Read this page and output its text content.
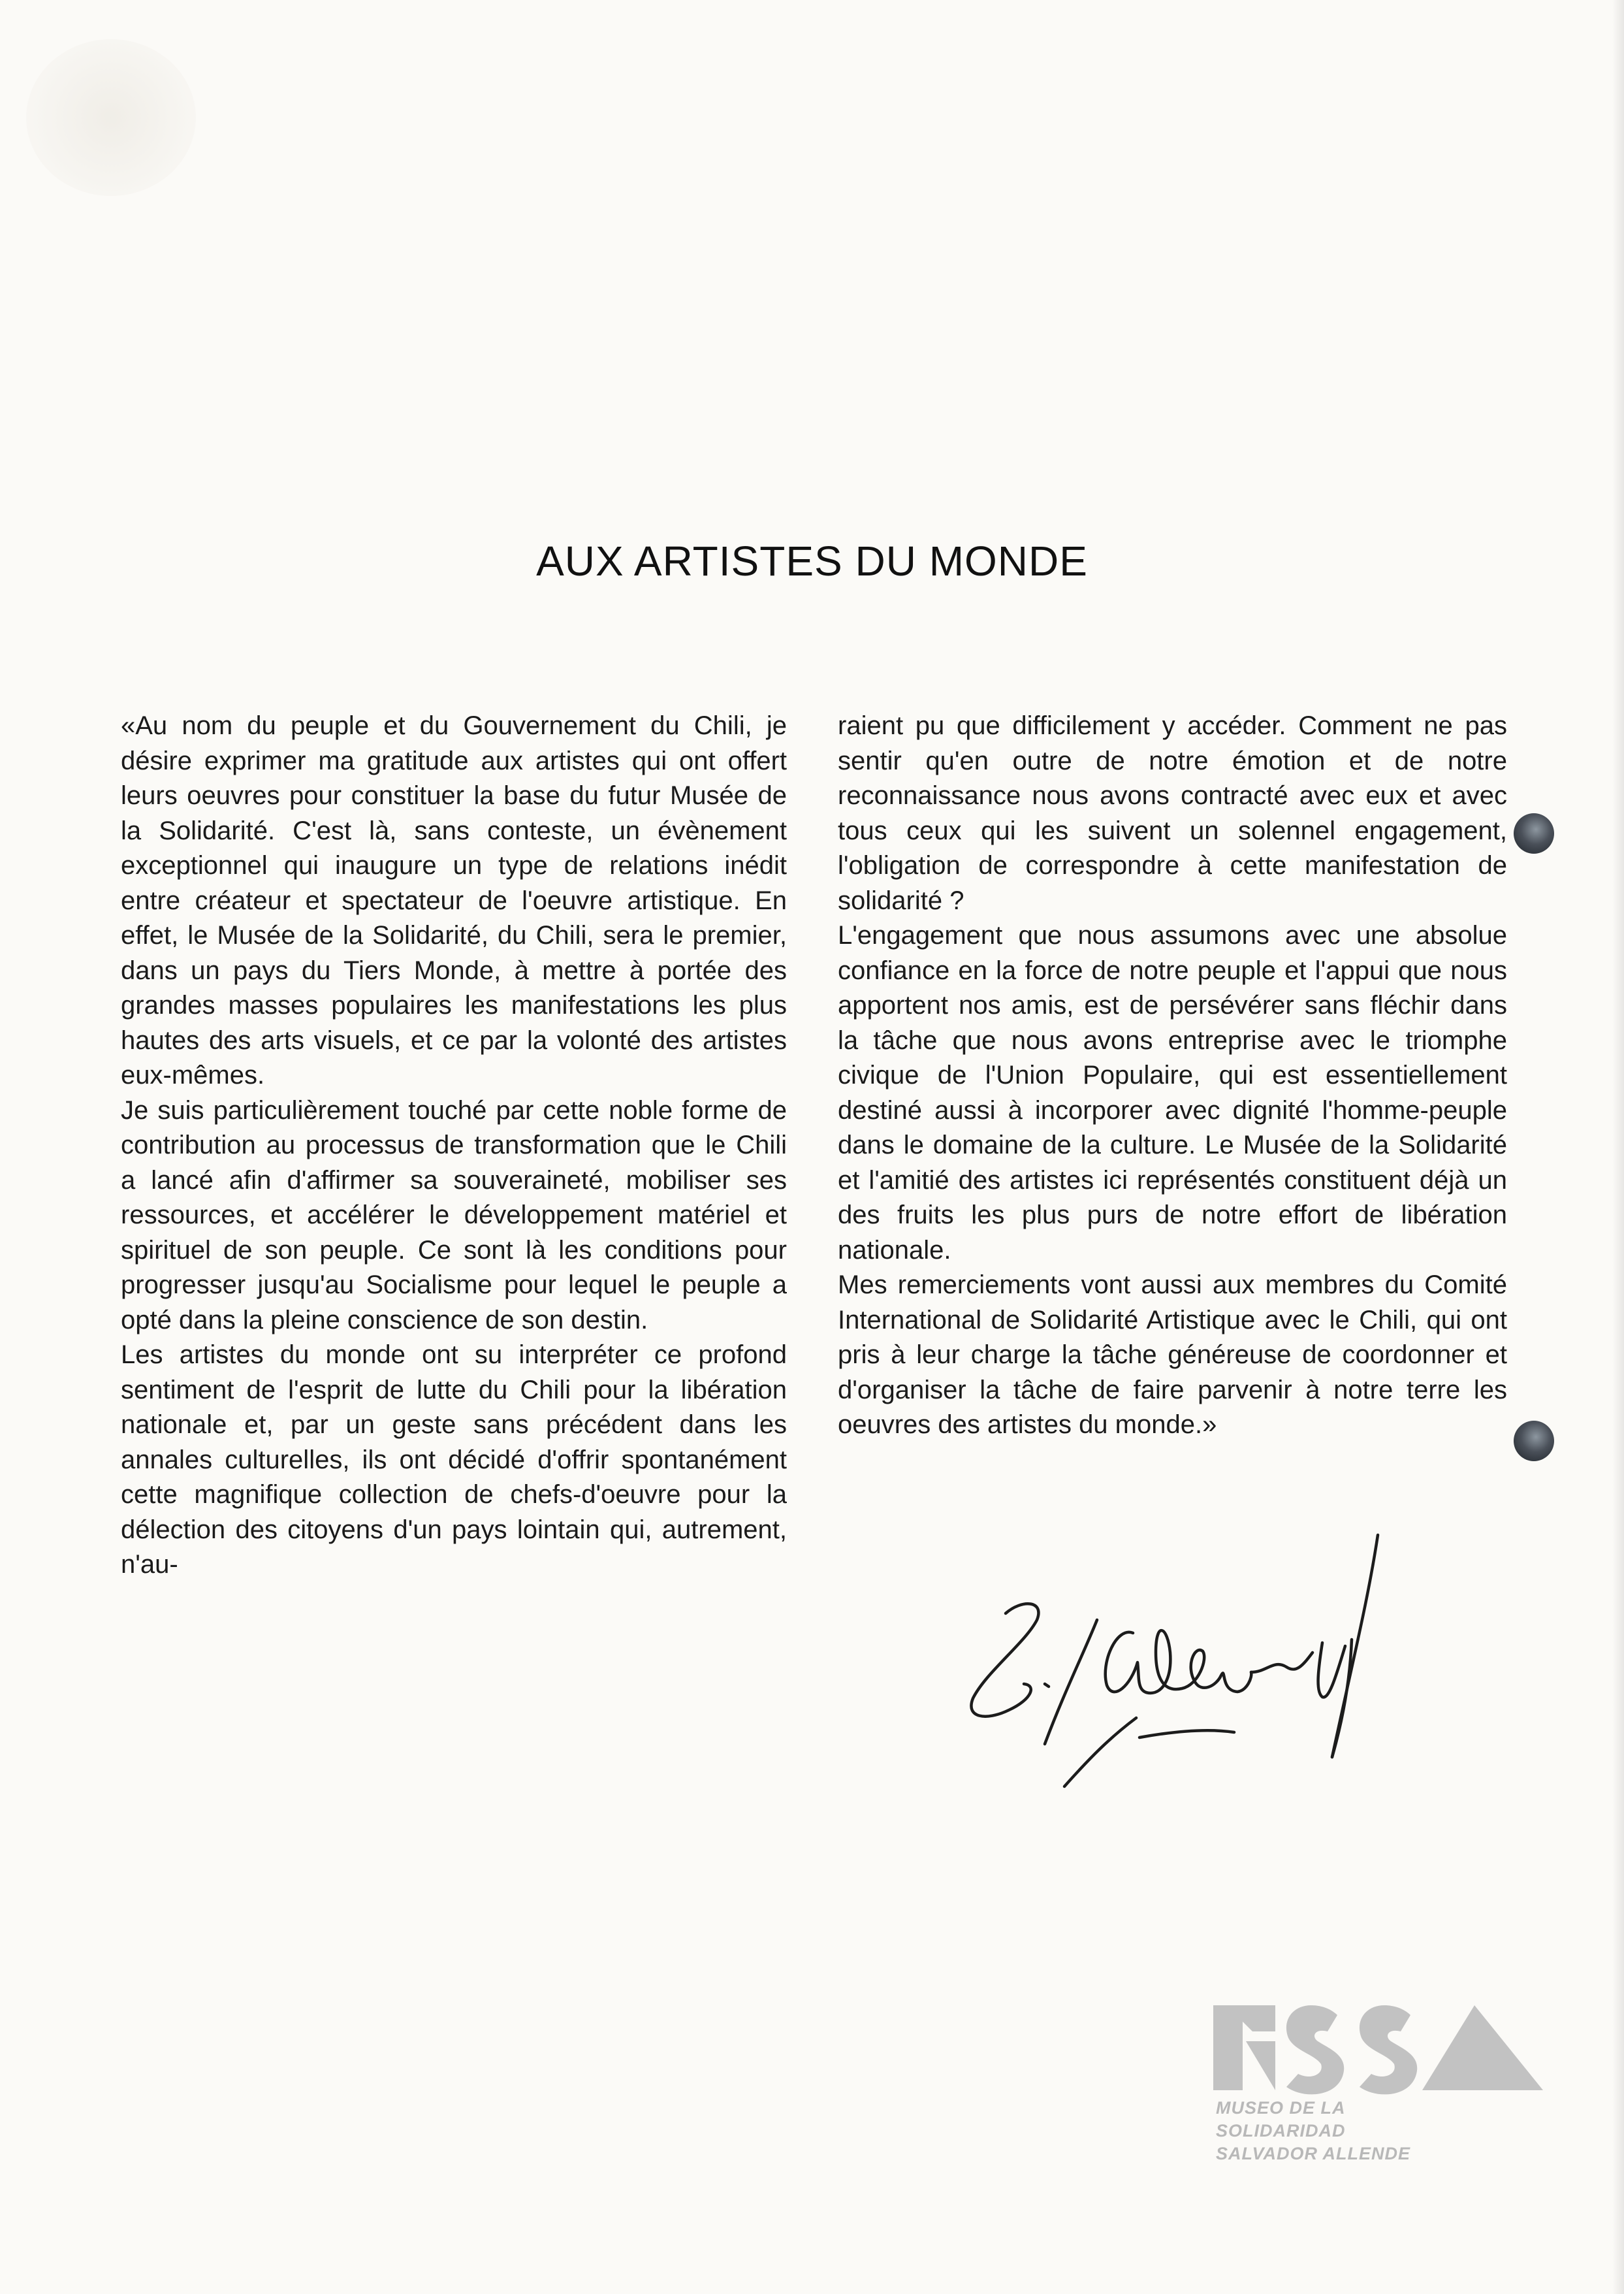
AUX ARTISTES DU MONDE

«Au nom du peuple et du Gouvernement du Chili, je désire exprimer ma gratitude aux artistes qui ont offert leurs oeuvres pour constituer la base du futur Musée de la Solidarité. C'est là, sans conteste, un évènement exceptionnel qui inaugure un type de relations inédit entre créateur et spectateur de l'oeuvre artistique. En effet, le Musée de la Solidarité, du Chili, sera le premier, dans un pays du Tiers Monde, à mettre à portée des grandes masses populaires les manifestations les plus hautes des arts visuels, et ce par la volonté des artistes eux-mêmes.

Je suis particulièrement touché par cette noble forme de contribution au processus de transformation que le Chili a lancé afin d'affirmer sa souveraineté, mobiliser ses ressources, et accélérer le développement matériel et spirituel de son peuple. Ce sont là les conditions pour progresser jusqu'au Socialisme pour lequel le peuple a opté dans la pleine conscience de son destin.

Les artistes du monde ont su interpréter ce profond sentiment de l'esprit de lutte du Chili pour la libération nationale et, par un geste sans précédent dans les annales culturelles, ils ont décidé d'offrir spontanément cette magnifique collection de chefs-d'oeuvre pour la délection des citoyens d'un pays lointain qui, autrement, n'au-

raient pu que difficilement y accéder. Comment ne pas sentir qu'en outre de notre émotion et de notre reconnaissance nous avons contracté avec eux et avec tous ceux qui les suivent un solennel engagement, l'obligation de correspondre à cette manifestation de solidarité ?

L'engagement que nous assumons avec une absolue confiance en la force de notre peuple et l'appui que nous apportent nos amis, est de persévérer sans fléchir dans la tâche que nous avons entreprise avec le triomphe civique de l'Union Populaire, qui est essentiellement destiné aussi à incorporer avec dignité l'homme-peuple dans le domaine de la culture. Le Musée de la Solidarité et l'amitié des artistes ici représentés constituent déjà un des fruits les plus purs de notre effort de libération nationale.

Mes remerciements vont aussi aux membres du Comité International de Solidarité Artistique avec le Chili, qui ont pris à leur charge la tâche généreuse de coordonner et d'organiser la tâche de faire parvenir à notre terre les oeuvres des artistes du monde.»

MUSEO DE LA
SOLIDARIDAD
SALVADOR ALLENDE
